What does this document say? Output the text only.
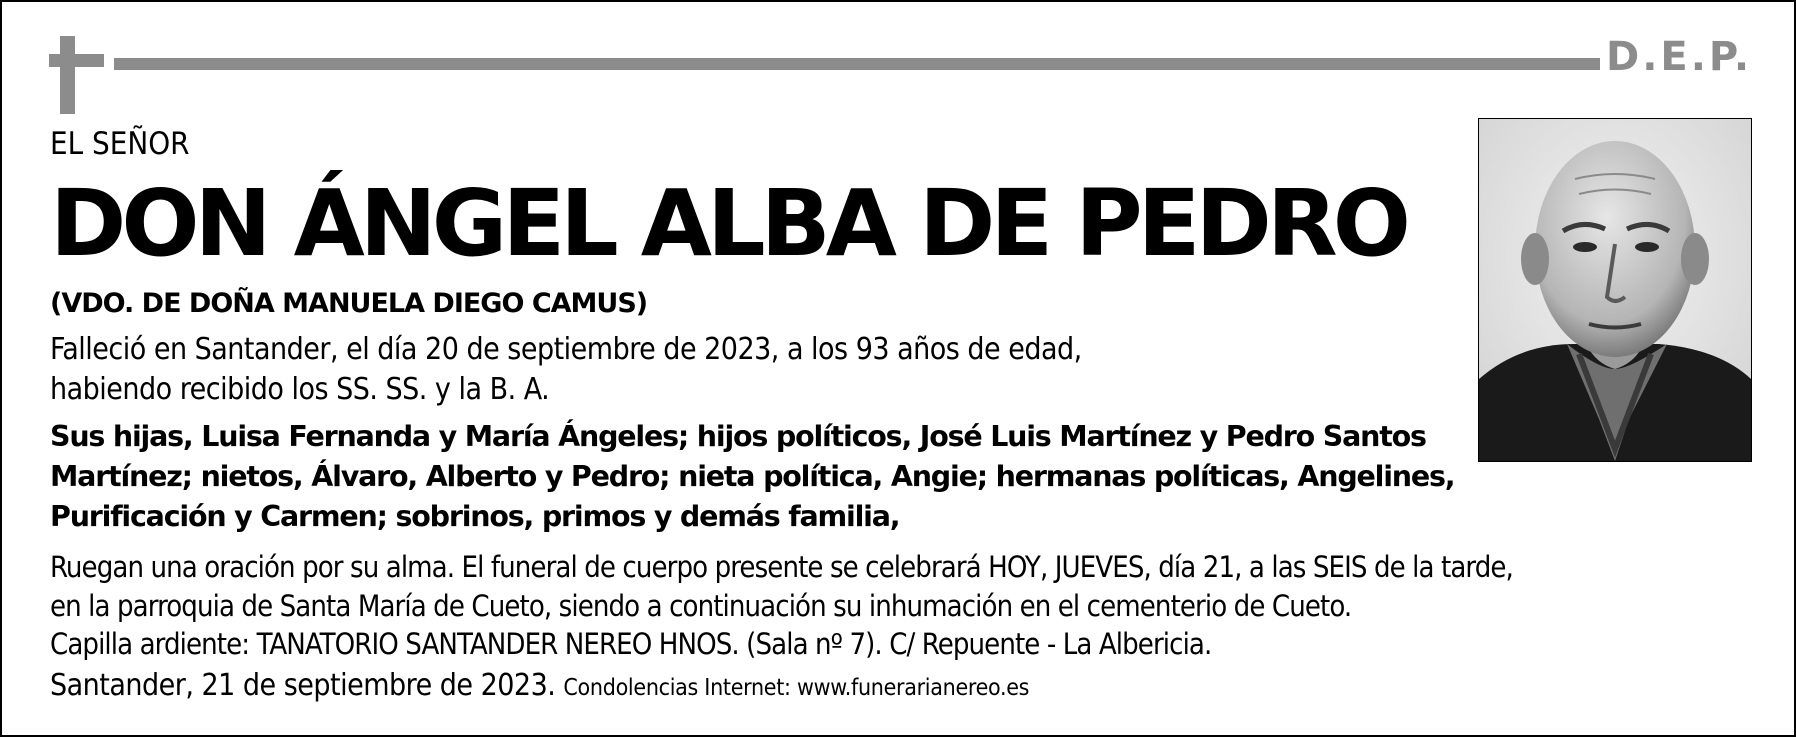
D.E.P.
EL SEÑOR
DON ÁNGEL ALBA DE PEDRO
(VDO. DE DOÑA MANUELA DIEGO CAMUS)
Falleció en Santander, el día 20 de septiembre de 2023, a los 93 años de edad,
habiendo recibido los SS. SS. y la B. A.
Sus hijas, Luisa Fernanda y María Ángeles; hijos políticos, José Luis Martínez y Pedro Santos
Martínez; nietos, Álvaro, Alberto y Pedro; nieta política, Angie; hermanas políticas, Angelines,
Purificación y Carmen; sobrinos, primos y demás familia,
Ruegan una oración por su alma. El funeral de cuerpo presente se celebrará HOY, JUEVES, día 21, a las SEIS de la tarde,
en la parroquia de Santa María de Cueto, siendo a continuación su inhumación en el cementerio de Cueto.
Capilla ardiente: TANATORIO SANTANDER NEREO HNOS. (Sala nº 7). C/ Repuente - La Albericia.
Santander, 21 de septiembre de 2023. Condolencias Internet: www.funerarianereo.es
